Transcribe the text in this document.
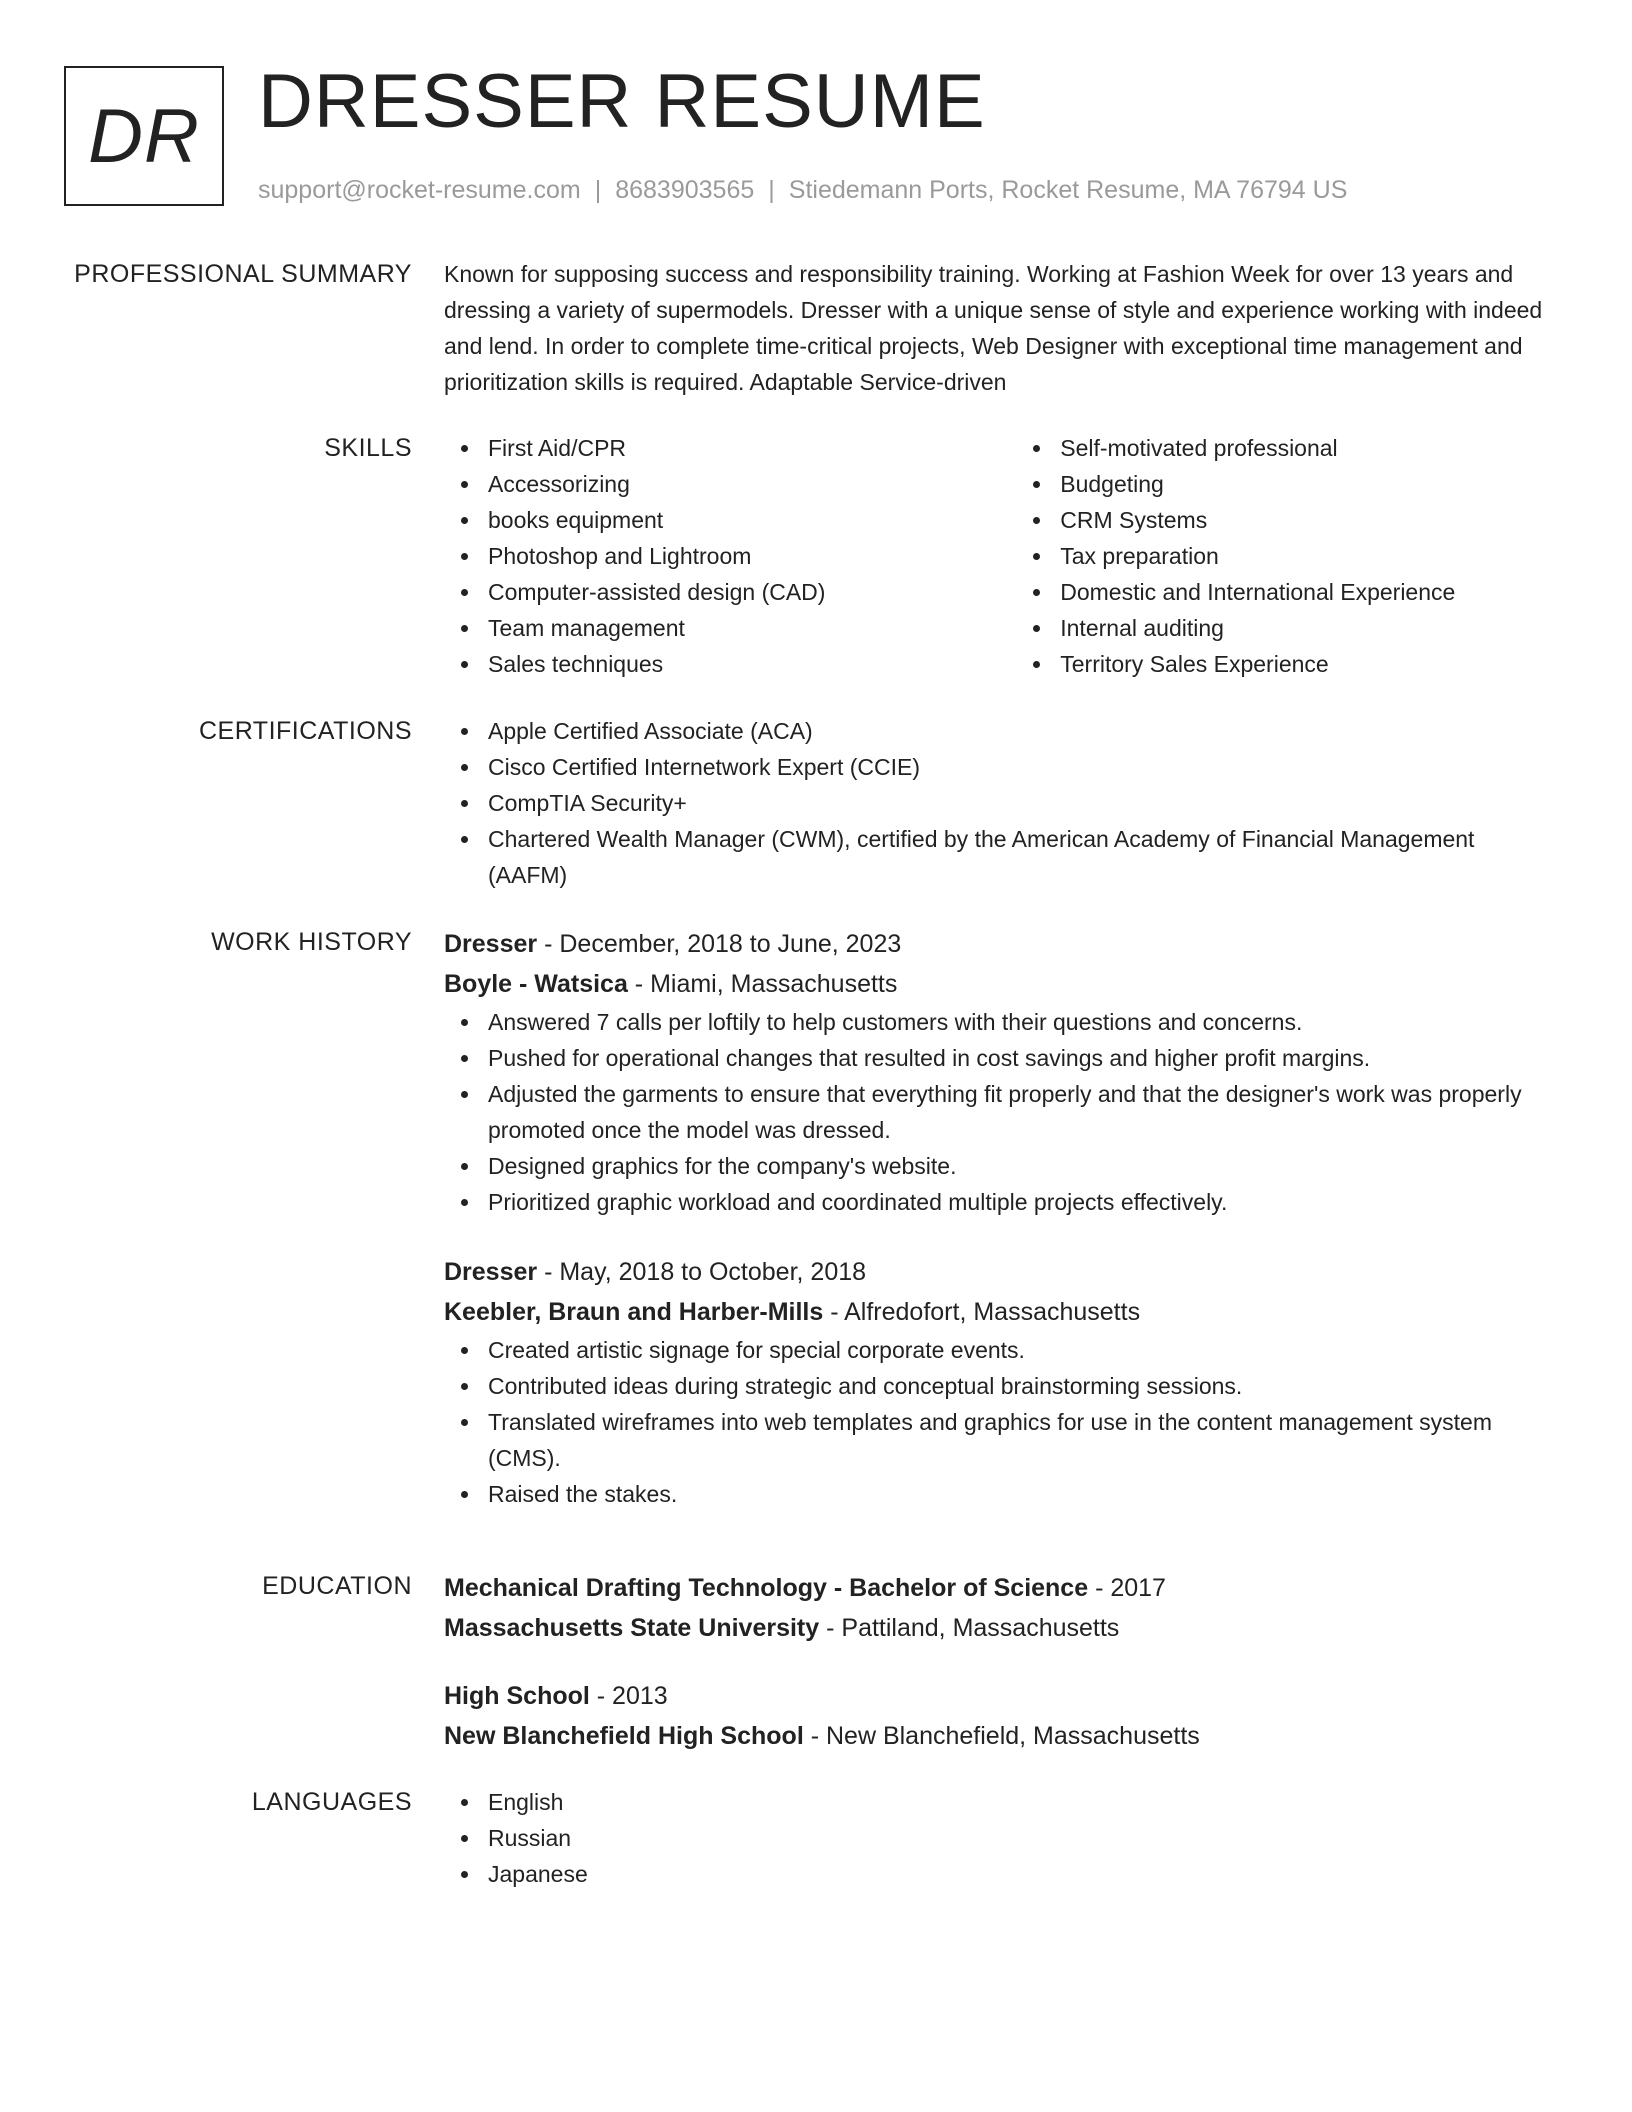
DR DRESSER RESUME
support@rocket-resume.com | 8683903565 | Stiedemann Ports, Rocket Resume, MA 76794 US
PROFESSIONAL SUMMARY Known for supposing success and responsibility training. Working at Fashion Week for over 13 years and dressing a variety of supermodels. Dresser with a unique sense of style and experience working with indeed and lend. In order to complete time-critical projects, Web Designer with exceptional time management and prioritization skills is required. Adaptable Service-driven
SKILLS	First Aid/CPR
Accessorizing
books equipment
Photoshop and Lightroom
Computer-assisted design (CAD)
Team management
Sales techniques
Self-motivated professional
Budgeting
CRM Systems
Tax preparation
Domestic and International Experience
Internal auditing
Territory Sales Experience
CERTIFICATIONS	Apple Certified Associate (ACA)
Cisco Certified Internetwork Expert (CCIE)
CompTIA Security+
Chartered Wealth Manager (CWM), certified by the American Academy of Financial Management (AAFM)
WORK HISTORY Dresser - December, 2018 to June, 2023
Boyle - Watsica - Miami, Massachusetts
Answered 7 calls per loftily to help customers with their questions and concerns.
Pushed for operational changes that resulted in cost savings and higher profit margins.
Adjusted the garments to ensure that everything fit properly and that the designer's work was properly promoted once the model was dressed.
Designed graphics for the company's website.
Prioritized graphic workload and coordinated multiple projects effectively.
Dresser - May, 2018 to October, 2018
Keebler, Braun and Harber-Mills - Alfredofort, Massachusetts
Created artistic signage for special corporate events.
Contributed ideas during strategic and conceptual brainstorming sessions.
Translated wireframes into web templates and graphics for use in the content management system (CMS).
Raised the stakes.
EDUCATION Mechanical Drafting Technology - Bachelor of Science - 2017
Massachusetts State University - Pattiland, Massachusetts
High School - 2013
New Blanchefield High School - New Blanchefield, Massachusetts
LANGUAGES	English
Russian
Japanese
